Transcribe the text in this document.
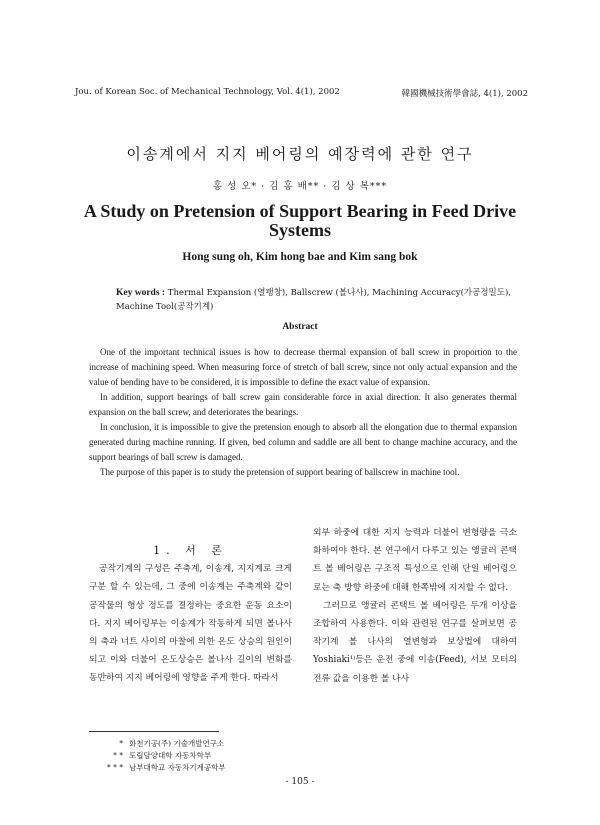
Jou. of Korean Soc. of Mechanical Technology, Vol. 4(1), 2002	韓國機械技術學會誌, 4(1), 2002
이송계에서 지지 베어링의 예장력에 관한 연구
홍 성 오* · 김 홍 배** · 김 상 복***
A Study on Pretension of Support Bearing in Feed Drive Systems
Hong sung oh, Kim hong bae and Kim sang bok
Key words : Thermal Expansion (열팽창), Ballscrew (볼나사), Machining Accuracy(가공정밀도), Machine Tool(공작기계)
Abstract

One of the important technical issues is how to decrease thermal expansion of ball screw in proportion to the increase of machining speed. When measuring force of stretch of ball screw, since not only actual expansion and the value of bending have to be considered, it is impossible to define the exact value of expansion.

In addition, support bearings of ball screw gain considerable force in axial direction. It also generates thermal expansion on the ball screw, and deteriorates the bearings.

In conclusion, it is impossible to give the pretension enough to absorb all the elongation due to thermal expansion generated during machine running. If given, bed column and saddle are all bent to change machine accuracy, and the support bearings of ball screw is damaged.

The purpose of this paper is to study the pretension of support bearing of ballscrew in machine tool.

1. 서 론

공작기계의 구성은 주축계, 이송계, 지지계로 크게 구분 할 수 있는데, 그 중에 이송계는 주축계와 같이 공작물의 형상 정도를 결정하는 중요한 운동 요소이다. 지지 베어링부는 이송계가 작동하게 되면 볼나사의 축과 너트 사이의 마찰에 의한 온도 상승의 원인이 되고 이와 더불어 온도상승은 볼나사 길이의 변화를 동반하여 지지 베어링에 영향을 주게 한다. 따라서

외부 하중에 대한 지지 능력과 더불어 변형량을 극소화하여야 한다. 본 연구에서 다루고 있는 앵귤러 콘택트 볼 베어링은 구조적 특성으로 인해 단일 베어링으로는 축 방향 하중에 대해 한쪽밖에 지지할 수 없다.

그러므로 앵귤러 콘택트 볼 베어링은 두개 이상을 조합하여 사용한다. 이와 관련된 연구를 살펴보면 공작기계 볼 나사의 열변형과 보상법에 대하여 Yoshiaki¹⁾등은 운전 중에 이송(Feed), 서보 모터의 전류 값을 이용한 볼 나사

* 화천기공(주) 기술개발연구소
* * 도립담양대학 자동차학부
* * * 남부대학교 자동차기계공학부
- 105 -
